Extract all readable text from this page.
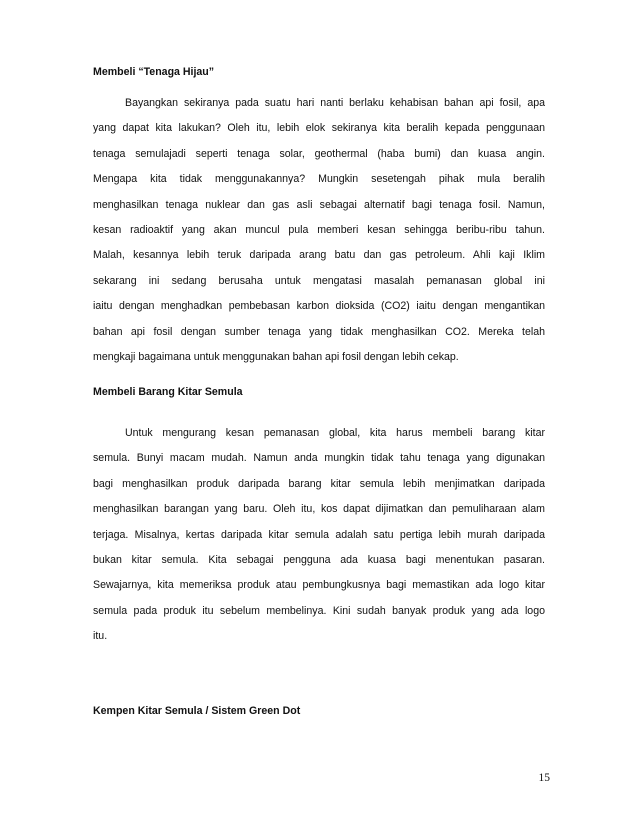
Membeli “Tenaga Hijau”
Bayangkan sekiranya pada suatu hari nanti berlaku kehabisan bahan api fosil, apa
yang dapat kita lakukan? Oleh itu, lebih elok sekiranya kita beralih kepada penggunaan
tenaga semulajadi seperti tenaga solar, geothermal (haba bumi) dan kuasa angin.
Mengapa kita tidak menggunakannya? Mungkin sesetengah pihak mula beralih
menghasilkan tenaga nuklear dan gas asli sebagai alternatif bagi tenaga fosil. Namun,
kesan radioaktif yang akan muncul pula memberi kesan sehingga beribu-ribu tahun.
Malah, kesannya lebih teruk daripada arang batu dan gas petroleum. Ahli kaji Iklim
sekarang ini sedang berusaha untuk mengatasi masalah pemanasan global ini
iaitu dengan menghadkan pembebasan karbon dioksida (CO2) iaitu dengan mengantikan
bahan api fosil dengan sumber tenaga yang tidak menghasilkan CO2. Mereka telah
mengkaji bagaimana untuk menggunakan bahan api fosil dengan lebih cekap.
Membeli Barang Kitar Semula
Untuk mengurang kesan pemanasan global, kita harus membeli barang kitar
semula. Bunyi macam mudah. Namun anda mungkin tidak tahu tenaga yang digunakan
bagi menghasilkan produk daripada barang kitar semula lebih menjimatkan daripada
menghasilkan barangan yang baru. Oleh itu, kos dapat dijimatkan dan pemuliharaan alam
terjaga. Misalnya, kertas daripada kitar semula adalah satu pertiga lebih murah daripada
bukan kitar semula. Kita sebagai pengguna ada kuasa bagi menentukan pasaran.
Sewajarnya, kita memeriksa produk atau pembungkusnya bagi memastikan ada logo kitar
semula pada produk itu sebelum membelinya. Kini sudah banyak produk yang ada logo
itu.
Kempen Kitar Semula / Sistem Green Dot
15
